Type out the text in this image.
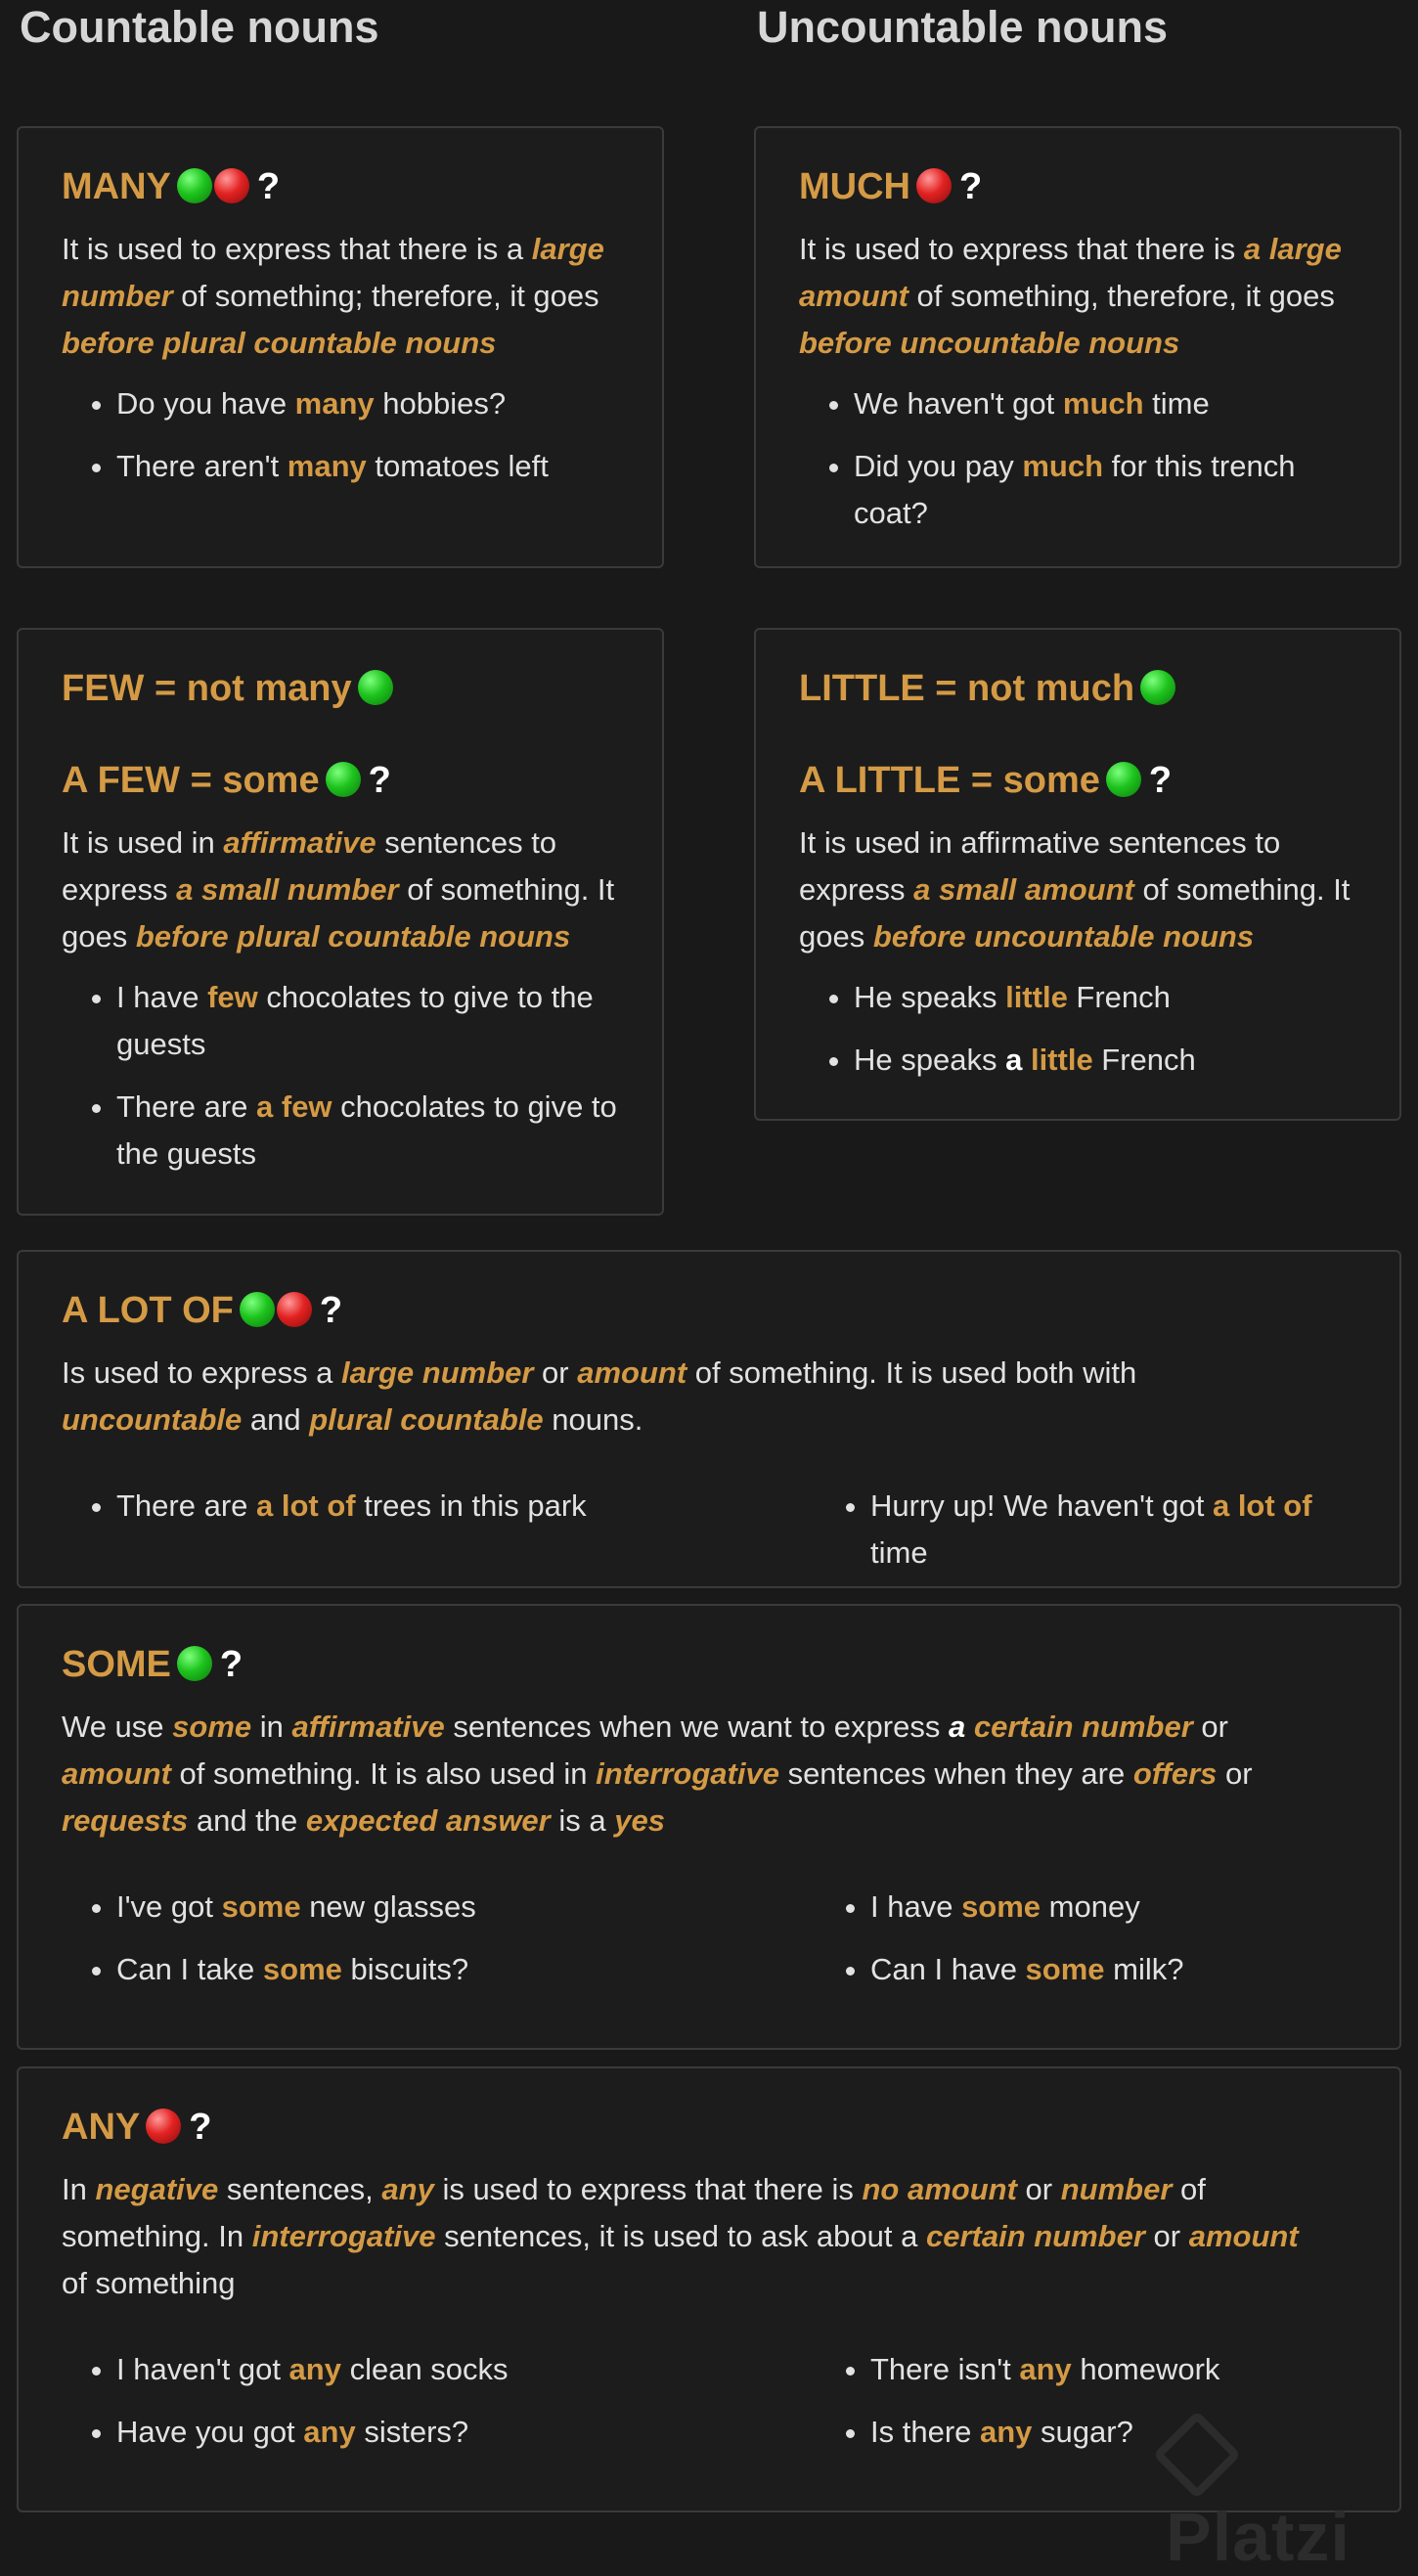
Countable nouns	Uncountable nouns
MANY ?

It is used to express that there is a large number of something; therefore, it goes before plural countable nouns

• Do you have many hobbies?
• There aren't many tomatoes left
MUCH ?

It is used to express that there is a large amount of something, therefore, it goes before uncountable nouns

• We haven't got much time
• Did you pay much for this trench coat?
FEW = not many
A FEW = some ?

It is used in affirmative sentences to express a small number of something. It goes before plural countable nouns

• I have few chocolates to give to the guests
• There are a few chocolates to give to the guests
LITTLE = not much
A LITTLE = some ?

It is used in affirmative sentences to express a small amount of something. It goes before uncountable nouns

• He speaks little French
• He speaks a little French
A LOT OF ?

Is used to express a large number or amount of something. It is used both with uncountable and plural countable nouns.

• There are a lot of trees in this park
•	Hurry up! We haven't got a lot of time
SOME ?

We use some in affirmative sentences when we want to express a certain number or amount of something. It is also used in interrogative sentences when they are offers or requests and the expected answer is a yes

• I've got some new glasses
• Can I take some biscuits?
• I have some money
• Can I have some milk?
ANY ?

In negative sentences, any is used to express that there is no amount or number of something. In interrogative sentences, it is used to ask about a certain number or amount of something

• I haven't got any clean socks
• Have you got any sisters?
• There isn't any homework
• Is there any sugar?
Platzi
